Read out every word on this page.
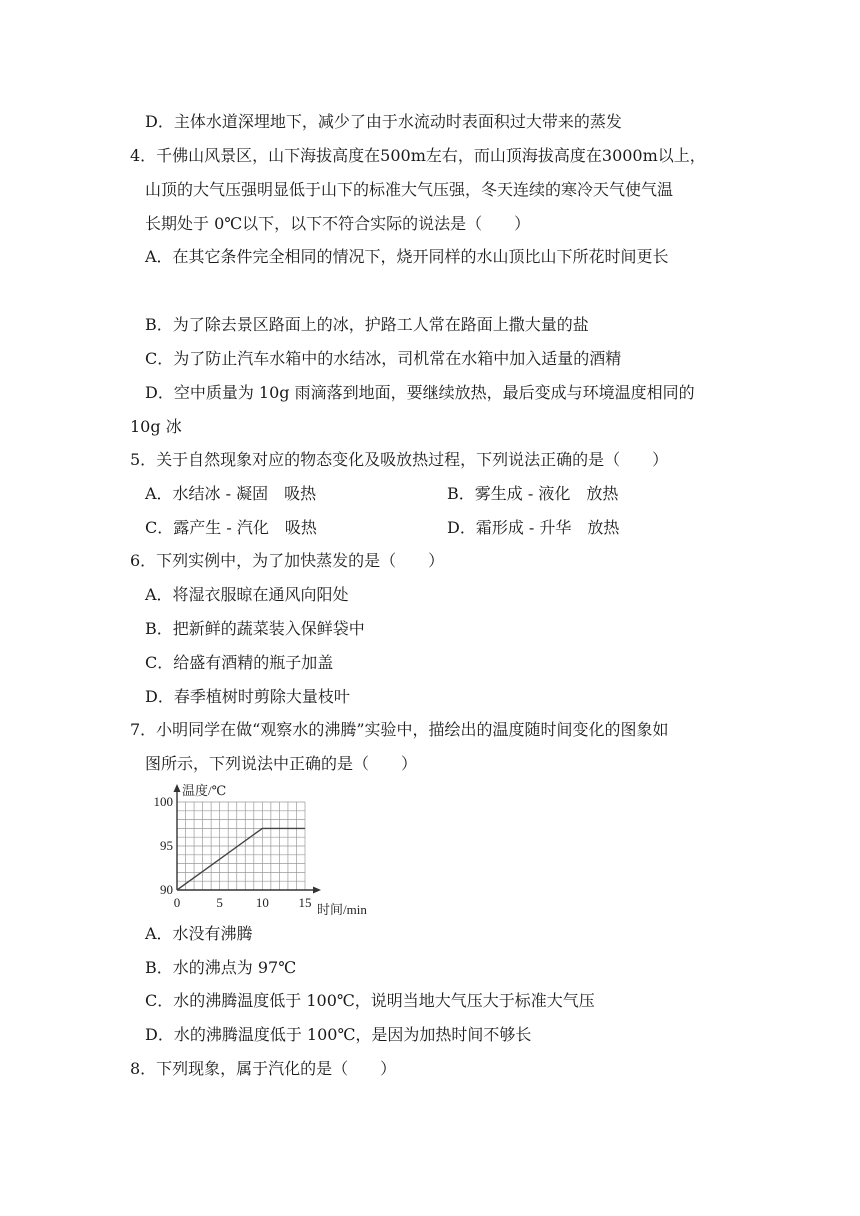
D．主体水道深埋地下，减少了由于水流动时表面积过大带来的蒸发
4．千佛山风景区，山下海拔高度在500m左右，而山顶海拔高度在3000m以上，
山顶的大气压强明显低于山下的标准大气压强，冬天连续的寒冷天气使气温
长期处于 0℃以下，以下不符合实际的说法是（　　）
A．在其它条件完全相同的情况下，烧开同样的水山顶比山下所花时间更长
B．为了除去景区路面上的冰，护路工人常在路面上撒大量的盐
C．为了防止汽车水箱中的水结冰，司机常在水箱中加入适量的酒精
D．空中质量为 10g 雨滴落到地面，要继续放热，最后变成与环境温度相同的
10g 冰
5．关于自然现象对应的物态变化及吸放热过程，下列说法正确的是（　　）
A．水结冰 - 凝固　吸热	B．雾生成 - 液化　放热
C．露产生 - 汽化　吸热	D．霜形成 - 升华　放热
6．下列实例中，为了加快蒸发的是（　　）
A．将湿衣服晾在通风向阳处
B．把新鲜的蔬菜装入保鲜袋中
C．给盛有酒精的瓶子加盖
D．春季植树时剪除大量枝叶
7．小明同学在做“观察水的沸腾”实验中，描绘出的温度随时间变化的图象如
图所示，下列说法中正确的是（　　）
0	5	10 15
90
95
100
温度/℃
时间/min
A．水没有沸腾
B．水的沸点为 97℃
C．水的沸腾温度低于 100℃，说明当地大气压大于标准大气压
D．水的沸腾温度低于 100℃，是因为加热时间不够长
8．下列现象，属于汽化的是（　　）
